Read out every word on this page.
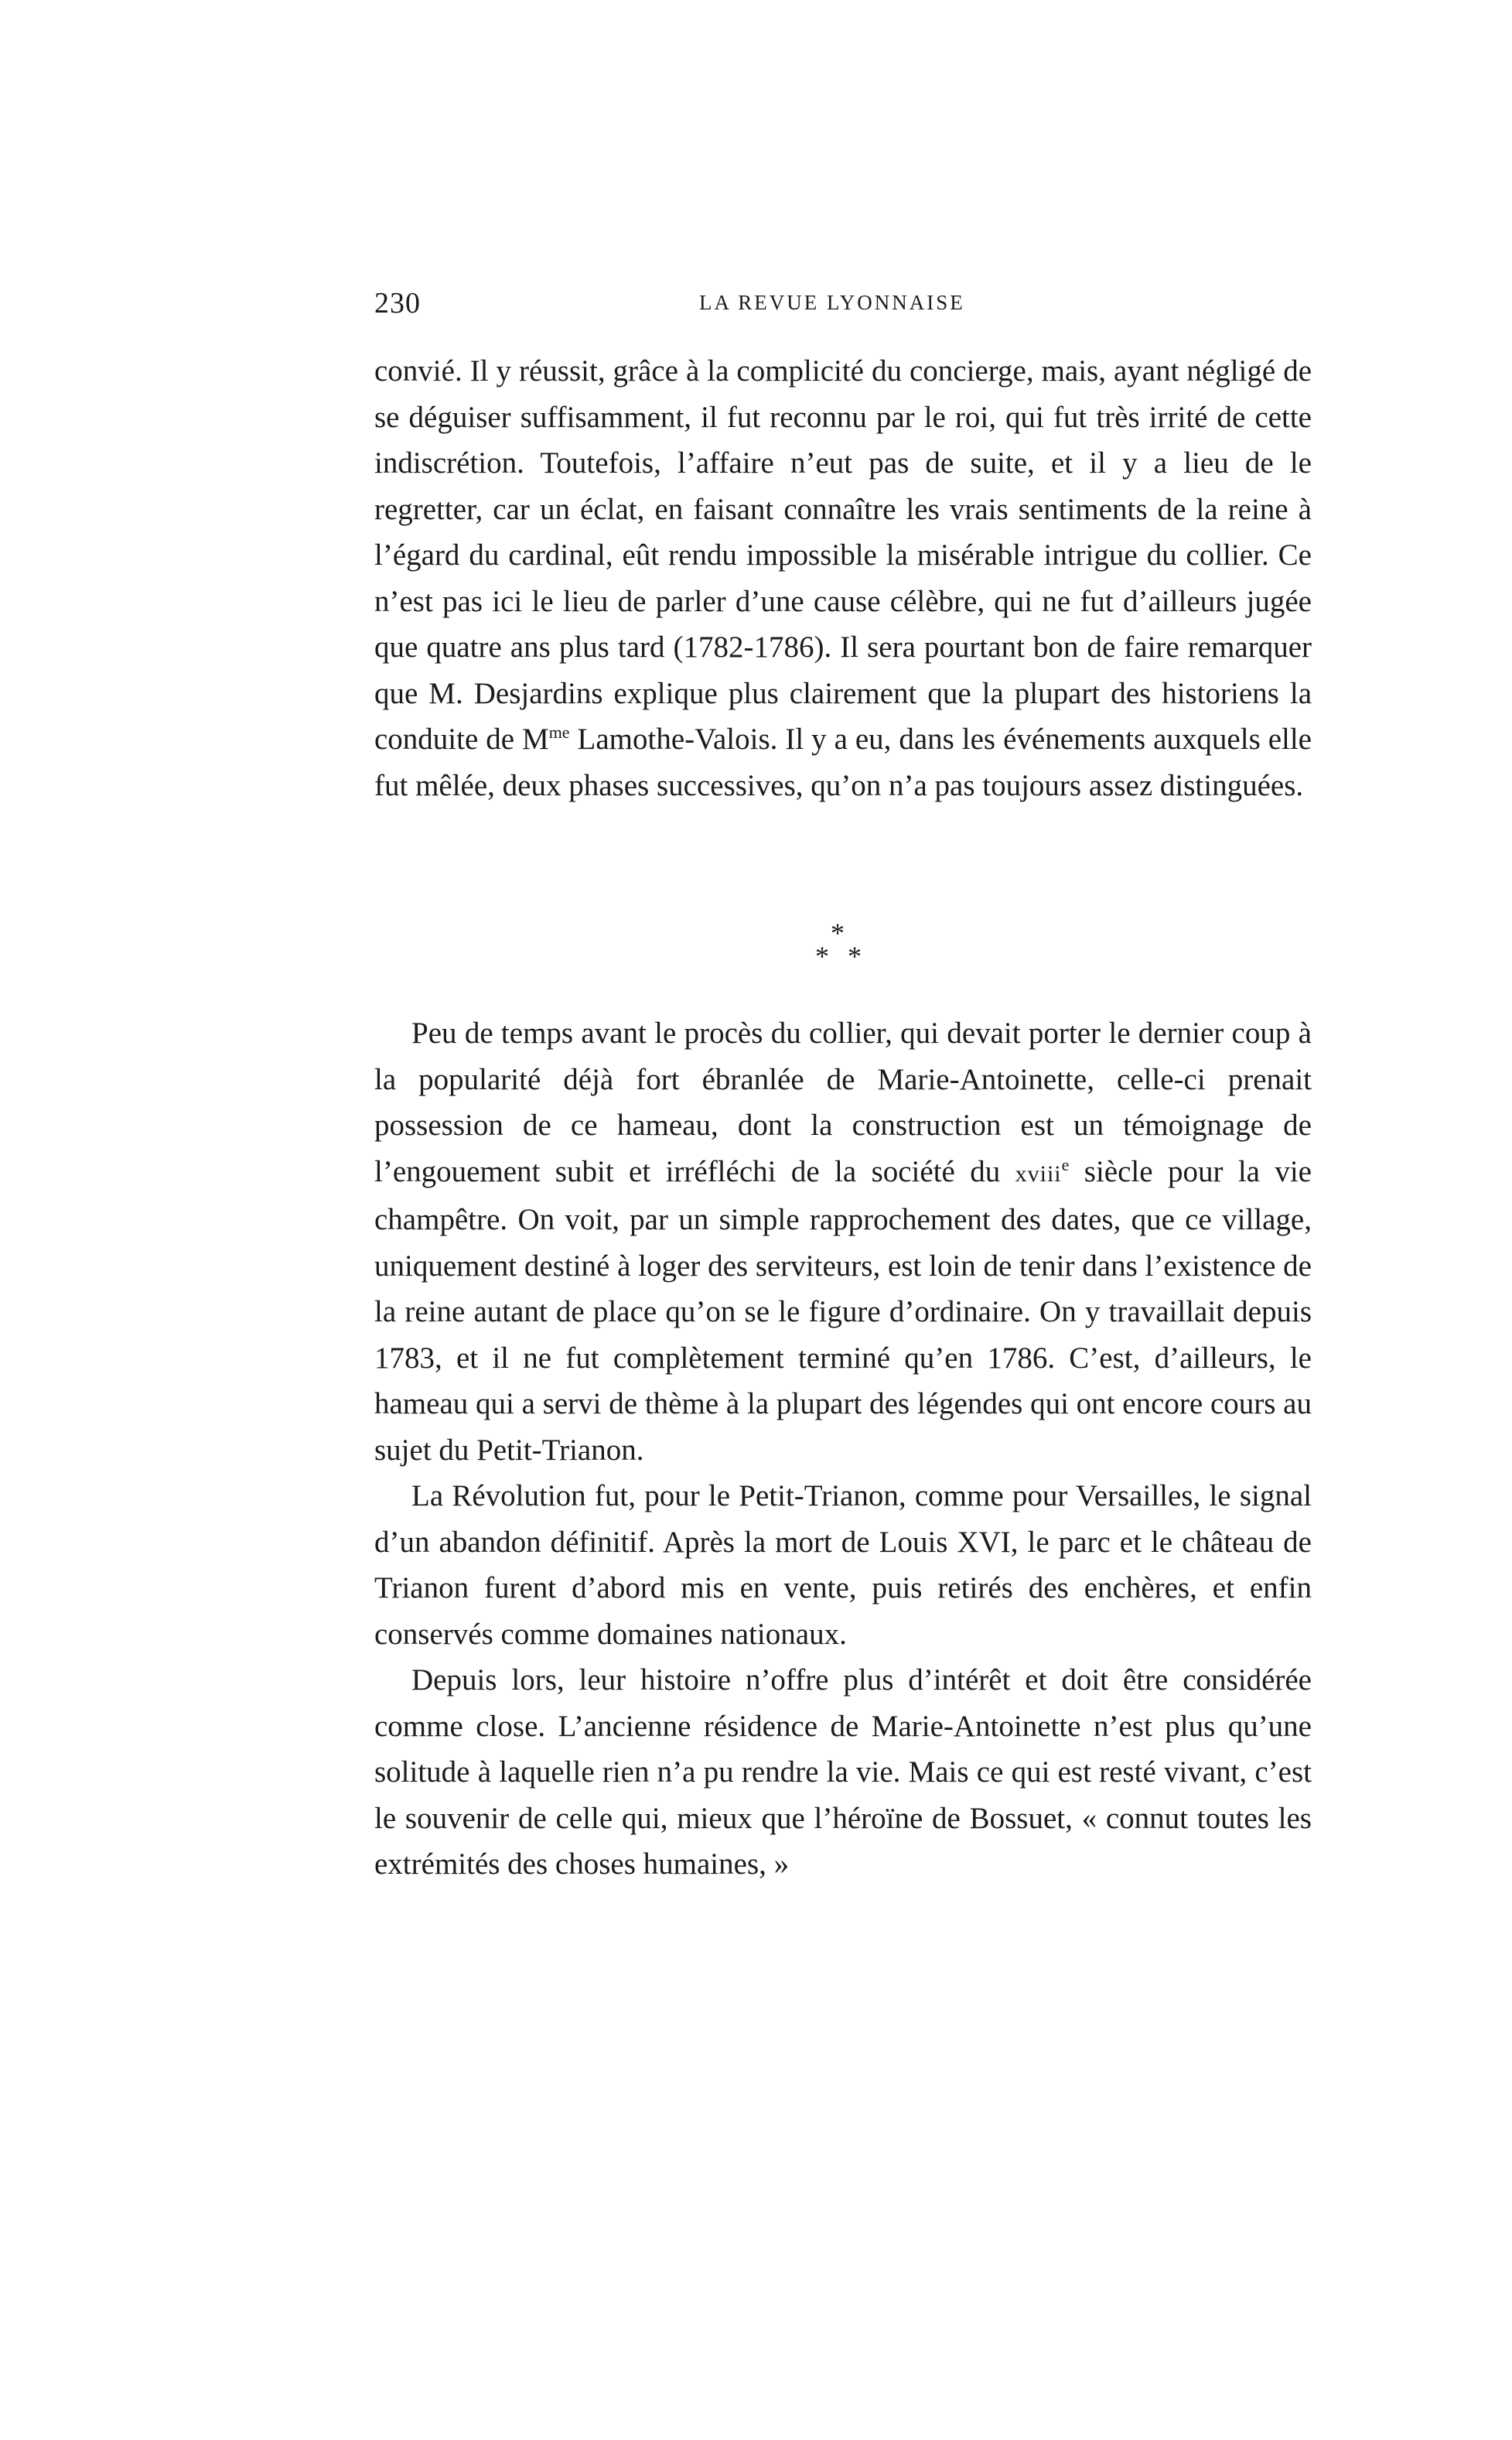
230	LA REVUE LYONNAISE

convié. Il y réussit, grâce à la complicité du concierge, mais, ayant négligé de se déguiser suffisamment, il fut reconnu par le roi, qui fut très irrité de cette indiscrétion. Toutefois, l’affaire n’eut pas de suite, et il y a lieu de le regretter, car un éclat, en faisant connaître les vrais sentiments de la reine à l’égard du cardinal, eût rendu impossible la misérable intrigue du collier. Ce n’est pas ici le lieu de parler d’une cause célèbre, qui ne fut d’ailleurs jugée que quatre ans plus tard (1782-1786). Il sera pourtant bon de faire remarquer que M. Desjardins explique plus clairement que la plupart des historiens la conduite de $M^{me}$ Lamothe-Valois. Il y a eu, dans les événements auxquels elle fut mêlée, deux phases successives, qu’on n’a pas toujours assez distinguées.

*
* *

Peu de temps avant le procès du collier, qui devait porter le dernier coup à la popularité déjà fort ébranlée de Marie-Antoinette, celle-ci prenait possession de ce hameau, dont la construction est un témoignage de l’engouement subit et irréfléchi de la société du xviii$^e$ siècle pour la vie champêtre. On voit, par un simple rapprochement des dates, que ce village, uniquement destiné à loger des serviteurs, est loin de tenir dans l’existence de la reine autant de place qu’on se le figure d’ordinaire. On y travaillait depuis 1783, et il ne fut complètement terminé qu’en 1786. C’est, d’ailleurs, le hameau qui a servi de thème à la plupart des légendes qui ont encore cours au sujet du Petit-Trianon.

La Révolution fut, pour le Petit-Trianon, comme pour Versailles, le signal d’un abandon définitif. Après la mort de Louis XVI, le parc et le château de Trianon furent d’abord mis en vente, puis retirés des enchères, et enfin conservés comme domaines nationaux.

Depuis lors, leur histoire n’offre plus d’intérêt et doit être considérée comme close. L’ancienne résidence de Marie-Antoinette n’est plus qu’une solitude à laquelle rien n’a pu rendre la vie. Mais ce qui est resté vivant, c’est le souvenir de celle qui, mieux que l’héroïne de Bossuet, « connut toutes les extrémités des choses humaines, »
